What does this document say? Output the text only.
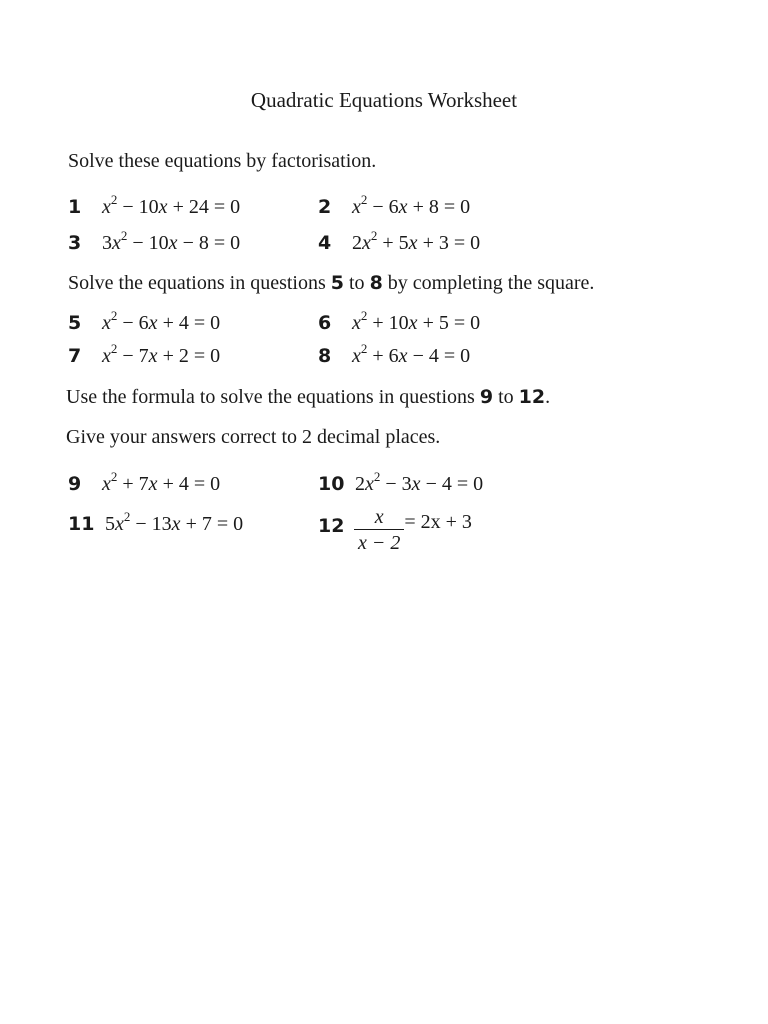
Quadratic Equations Worksheet
Solve these equations by factorisation.
1 $x^2 - 10x + 24 = 0$	2 $x^2 - 6x + 8 = 0$
3 $3x^2 - 10x - 8 = 0$	4 $2x^2 + 5x + 3 = 0$
Solve the equations in questions 5 to 8 by completing the square.
5 $x^2 - 6x + 4 = 0$	6 $x^2 + 10x + 5 = 0$
7 $x^2 - 7x + 2 = 0$	8 $x^2 + 6x - 4 = 0$
Use the formula to solve the equations in questions 9 to 12.
Give your answers correct to 2 decimal places.
9 $x^2 + 7x + 4 = 0$	10 $2x^2 - 3x - 4 = 0$
11 $5x^2 - 13x + 7 = 0$	$12 \frac{x}{x - 2} = 2x + 3$
